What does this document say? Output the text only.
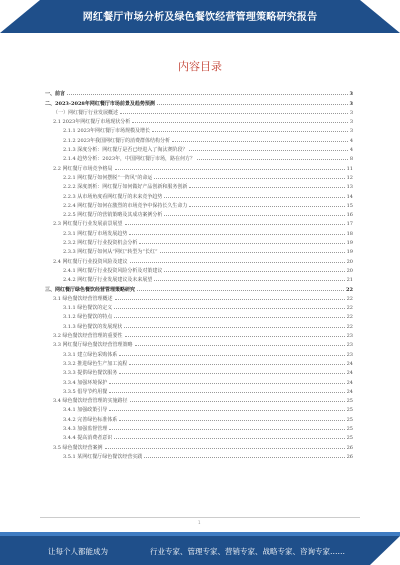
网红餐厅市场分析及绿色餐饮经营管理策略研究报告
内容目录
一、前言	3
二、2023-2028年网红餐厅市场前景及趋势预测	3
（一）网红餐厅行业发展概述	3
2.1 2023年网红餐厅市场现状分析	3
2.1.1 2023年网红餐厅市场规模及增长	3
2.1.2 2023年我国网红餐厅的消费群体结构分析	4
2.1.3 深度分析：网红餐厅是否已经进入了淘汰赛阶段？	4
2.1.4 趋势分析：2023年，中国网红餐厅市场，路在何方？	8
2.2 网红餐厅市场竞争格局	11
2.2.1 网红餐厅如何摆脱“一阵风”的命运	12
2.2.2 深度剖析：网红餐厅如何做好产品创新和服务创新	13
2.2.3 从市场角度看网红餐厅的未来竞争趋势	14
2.2.4 网红餐厅如何在激烈的市场竞争中保持长久生命力	15
2.2.5 网红餐厅的营销策略及其成功案例分析	16
2.3 网红餐厅行业发展前景展望	17
2.3.1 网红餐厅市场发展趋势	18
2.3.2 网红餐厅行业投资机会分析	19
2.3.3 网红餐厅如何从“网红”转型为“长红”	19
2.4 网红餐厅行业投资风险及建议	20
2.4.1 网红餐厅行业投资风险分析及对策建议	20
2.4.2 网红餐厅行业发展建议及未来展望	21
三、网红餐厅绿色餐饮经营管理策略研究	22
3.1 绿色餐饮经营管理概述	22
3.1.1 绿色餐饮的定义	22
3.1.2 绿色餐饮的特点	22
3.1.3 绿色餐饮的发展现状	22
3.2 绿色餐饮经营管理的重要性	23
3.3 网红餐厅绿色餐饮经营管理策略	23
3.3.1 建立绿色采购体系	23
3.3.2 推进绿色生产加工流程	24
3.3.3 提供绿色餐饮服务	24
3.3.4 加强环境保护	24
3.3.5 倡导节约用餐	24
3.4 绿色餐饮经营管理的实施路径	25
3.4.1 加强政策引导	25
3.4.2 完善绿色标准体系	25
3.4.3 加强监督管理	25
3.4.4 提高消费者意识	25
3.5 绿色餐饮经营案例	26
3.5.1 某网红餐厅绿色餐饮经营实践	26
1
让每个人都能成为	行业专家、管理专家、营销专家、战略专家、咨询专家……
